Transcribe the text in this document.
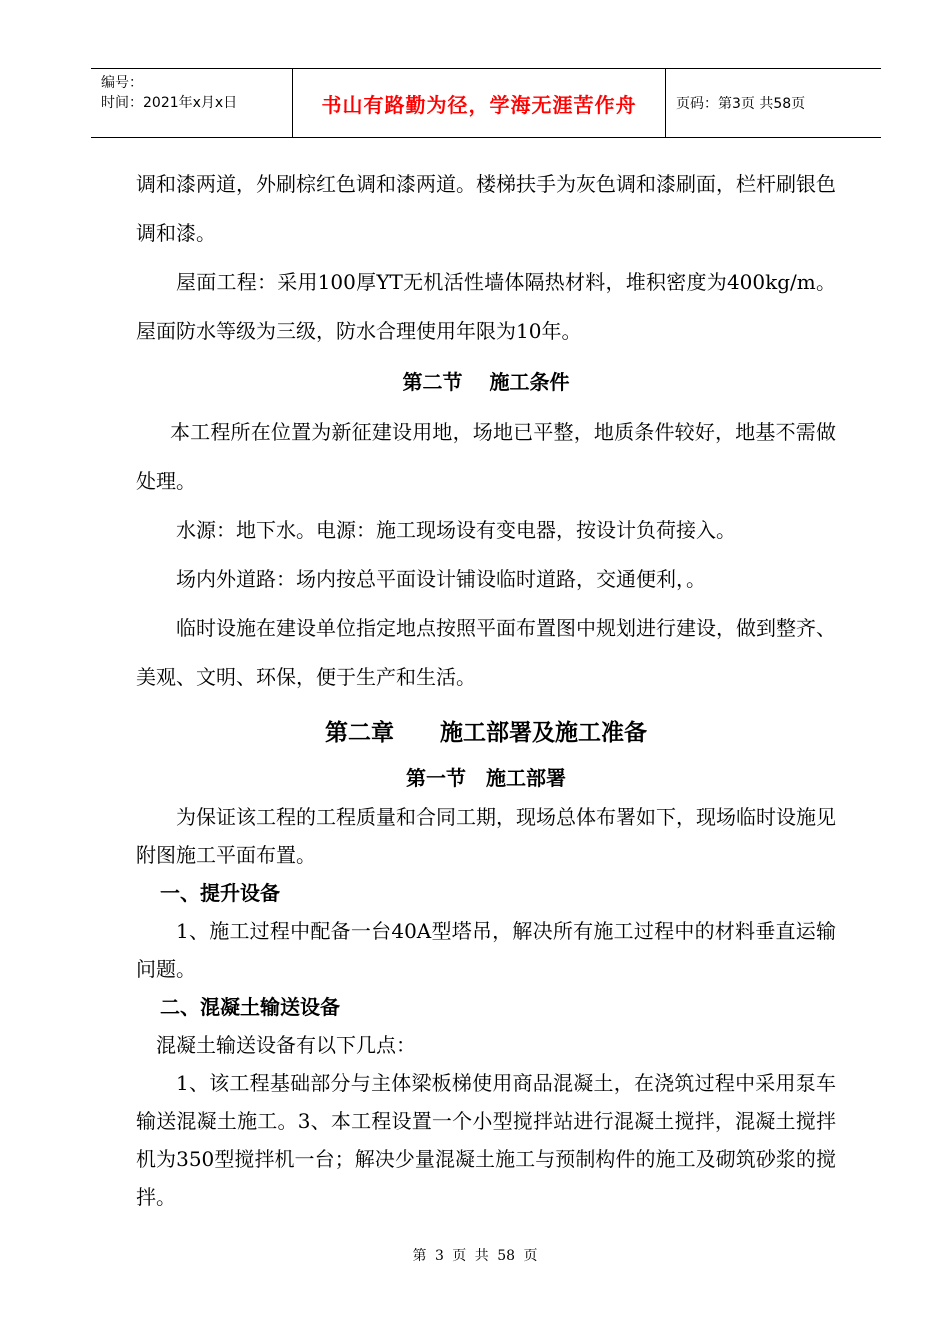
编号：
时间：2021年x月x日	书山有路勤为径，学海无涯苦作舟	页码：第3页 共58页

调和漆两道，外刷棕红色调和漆两道。楼梯扶手为灰色调和漆刷面，栏杆刷银色调和漆。

屋面工程：采用100厚YT无机活性墙体隔热材料，堆积密度为400kg/m。屋面防水等级为三级，防水合理使用年限为10年。

第二节　 施工条件

本工程所在位置为新征建设用地，场地已平整，地质条件较好，地基不需做处理。

水源：地下水。电源：施工现场设有变电器，按设计负荷接入。

场内外道路：场内按总平面设计铺设临时道路，交通便利，。

临时设施在建设单位指定地点按照平面布置图中规划进行建设，做到整齐、美观、文明、环保，便于生产和生活。

第二章　　施工部署及施工准备
第一节　施工部署

为保证该工程的工程质量和合同工期，现场总体布署如下，现场临时设施见附图施工平面布置。

一、提升设备

1、施工过程中配备一台40A型塔吊，解决所有施工过程中的材料垂直运输问题。

二、混凝土输送设备

混凝土输送设备有以下几点：

1、该工程基础部分与主体梁板梯使用商品混凝土，在浇筑过程中采用泵车输送混凝土施工。3、本工程设置一个小型搅拌站进行混凝土搅拌，混凝土搅拌机为350型搅拌机一台；解决少量混凝土施工与预制构件的施工及砌筑砂浆的搅拌。

第 3 页 共 58 页
